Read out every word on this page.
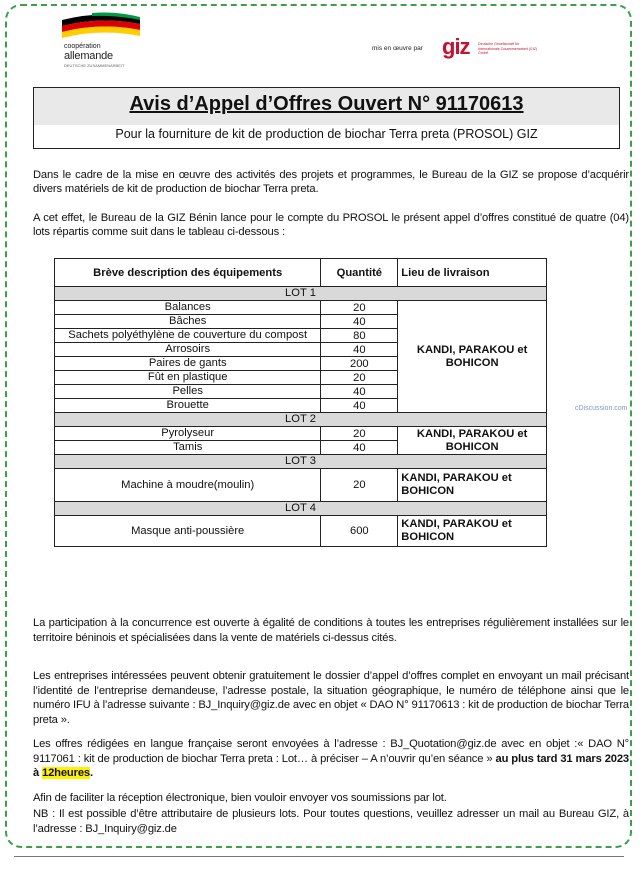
coopération
allemande
DEUTSCHE ZUSAMMENARBEIT
mis en œuvre par giz Deutsche Gesellschaft für Internationale Zusammenarbeit (GIZ) GmbH
Avis d’Appel d’Offres Ouvert N° 91170613
Pour la fourniture de kit de production de biochar Terra preta (PROSOL) GIZ
Dans le cadre de la mise en œuvre des activités des projets et programmes, le Bureau de la GIZ se propose d’acquérir divers matériels de kit de production de biochar Terra preta.
A cet effet, le Bureau de la GIZ Bénin lance pour le compte du PROSOL le présent appel d’offres constitué de quatre (04) lots répartis comme suit dans le tableau ci-dessous :
Brève description des équipements	Quantité	Lieu de livraison
LOT 1		
Balances	20	KANDI, PARAKOU et BOHICON
Bâches	40	
Sachets polyéthylène de couverture du compost	80	
Arrosoirs	40	
Paires de gants	200	
Fût en plastique	20	
Pelles	40	
Brouette	40	
LOT 2		
Pyrolyseur	20	KANDI, PARAKOU et BOHICON
Tamis	40	
LOT 3		
Machine à moudre(moulin)	20	KANDI, PARAKOU et BOHICON
LOT 4		
Masque anti-poussière	600	KANDI, PARAKOU et BOHICON
cDiscussion.com
La participation à la concurrence est ouverte à égalité de conditions à toutes les entreprises régulièrement installées sur le territoire béninois et spécialisées dans la vente de matériels ci-dessus cités.
Les entreprises intéressées peuvent obtenir gratuitement le dossier d’appel d’offres complet en envoyant un mail précisant l’identité de l’entreprise demandeuse, l’adresse postale, la situation géographique, le numéro de téléphone ainsi que le numéro IFU à l’adresse suivante : BJ_Inquiry@giz.de avec en objet « DAO N° 91170613 : kit de production de biochar Terra preta ».
Les offres rédigées en langue française seront envoyées à l’adresse : BJ_Quotation@giz.de avec en objet :« DAO N° 9117061 : kit de production de biochar Terra preta : Lot… à préciser – A n’ouvrir qu’en séance » au plus tard 31 mars 2023 à 12heures.
Afin de faciliter la réception électronique, bien vouloir envoyer vos soumissions par lot.
NB : Il est possible d’être attributaire de plusieurs lots. Pour toutes questions, veuillez adresser un mail au Bureau GIZ, à l’adresse : BJ_Inquiry@giz.de
